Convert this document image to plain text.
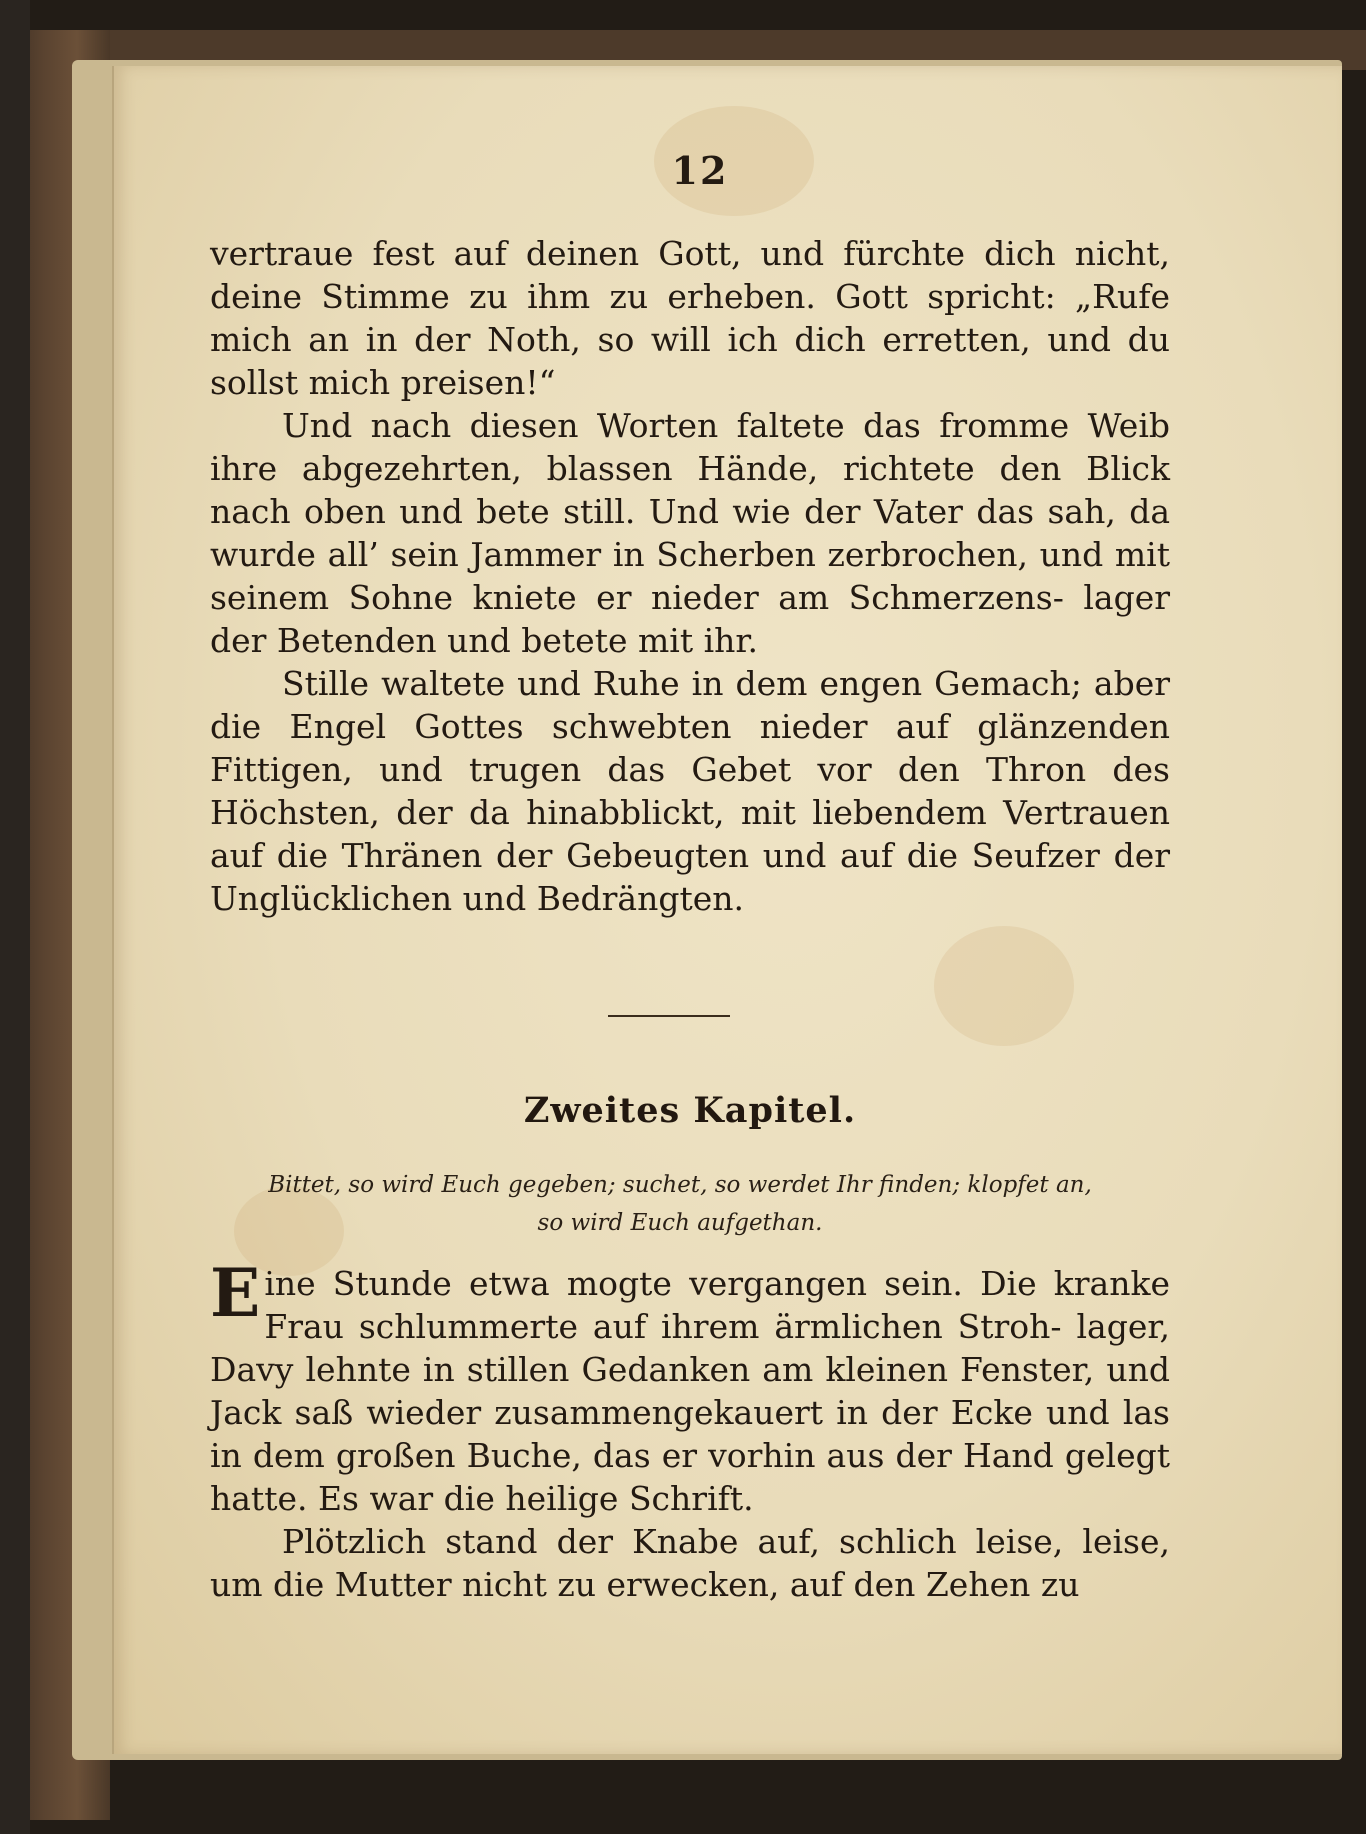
12

vertraue fest auf deinen Gott, und fürchte dich nicht, deine Stimme zu ihm zu erheben. Gott spricht: „Rufe mich an in der Noth, so will ich dich erretten, und du sollst mich preisen!“

Und nach diesen Worten faltete das fromme Weib ihre abgezehrten, blassen Hände, richtete den Blick nach oben und bete still. Und wie der Vater das sah, da wurde all’ sein Jammer in Scherben zerbrochen, und mit seinem Sohne kniete er nieder am Schmerzens- lager der Betenden und betete mit ihr.

Stille waltete und Ruhe in dem engen Gemach; aber die Engel Gottes schwebten nieder auf glänzenden Fittigen, und trugen das Gebet vor den Thron des Höchsten, der da hinabblickt, mit liebendem Vertrauen auf die Thränen der Gebeugten und auf die Seufzer der Unglücklichen und Bedrängten.

Zweites Kapitel.
Bittet, so wird Euch gegeben; suchet, so werdet Ihr finden; klopfet an,
so wird Euch aufgethan.

Eine Stunde etwa mogte vergangen sein. Die kranke Frau schlummerte auf ihrem ärmlichen Stroh- lager, Davy lehnte in stillen Gedanken am kleinen Fenster, und Jack saß wieder zusammengekauert in der Ecke und las in dem großen Buche, das er vorhin aus der Hand gelegt hatte. Es war die heilige Schrift.

Plötzlich stand der Knabe auf, schlich leise, leise, um die Mutter nicht zu erwecken, auf den Zehen zu
